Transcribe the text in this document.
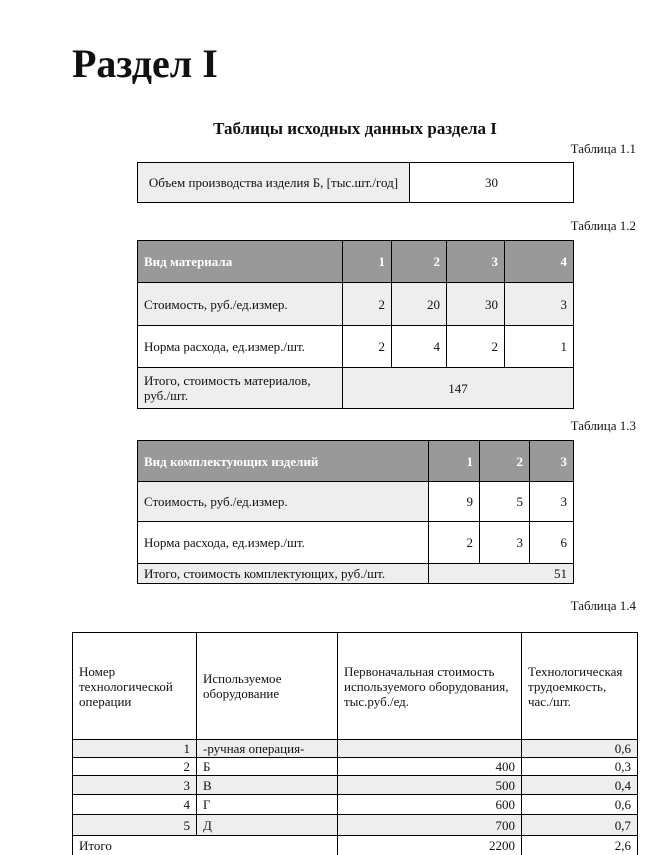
Раздел I
Таблицы исходных данных раздела I
Таблица 1.1
Объем производства изделия Б, [тыс.шт./год]	30
Таблица 1.2
Вид материала	1	2	3	4
Стоимость, руб./ед.измер.	2	20	30	3
Норма расхода, ед.измер./шт.	2	4	2	1
Итого, стоимость материалов, руб./шт.	147			
Таблица 1.3
Вид комплектующих изделий	1	2	3
Стоимость, руб./ед.измер.	9	5	3
Норма расхода, ед.измер./шт.	2	3	6
Итого, стоимость комплектующих, руб./шт.	51		
Таблица 1.4
Номер технологической операции	Используемое оборудование	Первоначальная стоимость используемого оборудования, тыс.руб./ед.	Технологическая трудоемкость, час./шт.
1	-ручная операция-		0,6
2	Б	400	0,3
3	В	500	0,4
4	Г	600	0,6
5	Д	700	0,7
Итого		2200	2,6
